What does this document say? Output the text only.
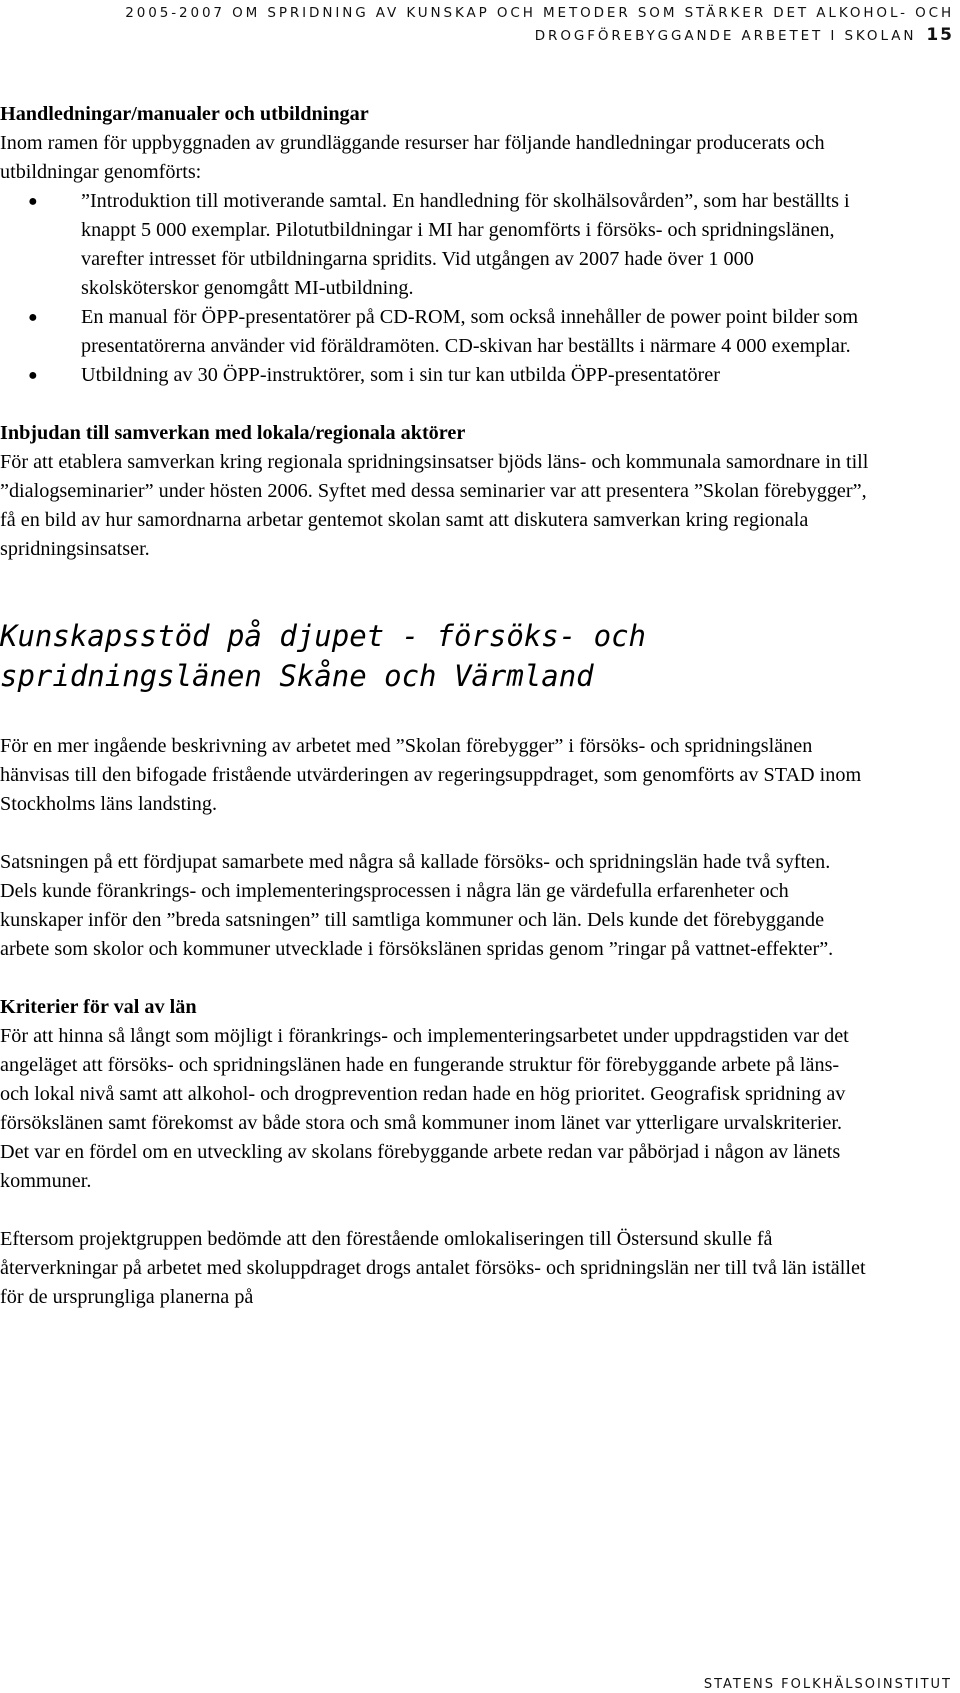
2005-2007 OM SPRIDNING AV KUNSKAP OCH METODER SOM STÄRKER DET ALKOHOL- OCH DROGFÖREBYGGANDE ARBETET I SKOLAN 15

Handledningar/manualer och utbildningar

Inom ramen för uppbyggnaden av grundläggande resurser har följande handledningar producerats och utbildningar genomförts:

● ”Introduktion till motiverande samtal. En handledning för skolhälsovården”, som har beställts i knappt 5 000 exemplar. Pilotutbildningar i MI har genomförts i försöks- och spridningslänen, varefter intresset för utbildningarna spridits. Vid utgången av 2007 hade över 1 000 skolsköterskor genomgått MI-utbildning.
● En manual för ÖPP-presentatörer på CD-ROM, som också innehåller de power point bilder som presentatörerna använder vid föräldramöten. CD-skivan har beställts i närmare 4 000 exemplar.
● Utbildning av 30 ÖPP-instruktörer, som i sin tur kan utbilda ÖPP-presentatörer

Inbjudan till samverkan med lokala/regionala aktörer

För att etablera samverkan kring regionala spridningsinsatser bjöds läns- och kommunala samordnare in till ”dialogseminarier” under hösten 2006. Syftet med dessa seminarier var att presentera ”Skolan förebygger”, få en bild av hur samordnarna arbetar gentemot skolan samt att diskutera samverkan kring regionala spridningsinsatser.

Kunskapsstöd på djupet - försöks- och spridningslänen Skåne och Värmland

För en mer ingående beskrivning av arbetet med ”Skolan förebygger” i försöks- och spridningslänen hänvisas till den bifogade fristående utvärderingen av regeringsuppdraget, som genomförts av STAD inom Stockholms läns landsting.

Satsningen på ett fördjupat samarbete med några så kallade försöks- och spridningslän hade två syften. Dels kunde förankrings- och implementeringsprocessen i några län ge värdefulla erfarenheter och kunskaper inför den ”breda satsningen” till samtliga kommuner och län. Dels kunde det förebyggande arbete som skolor och kommuner utvecklade i försökslänen spridas genom ”ringar på vattnet-effekter”.

Kriterier för val av län

För att hinna så långt som möjligt i förankrings- och implementeringsarbetet under uppdragstiden var det angeläget att försöks- och spridningslänen hade en fungerande struktur för förebyggande arbete på läns- och lokal nivå samt att alkohol- och drogprevention redan hade en hög prioritet. Geografisk spridning av försökslänen samt förekomst av både stora och små kommuner inom länet var ytterligare urvalskriterier. Det var en fördel om en utveckling av skolans förebyggande arbete redan var påbörjad i någon av länets kommuner.

Eftersom projektgruppen bedömde att den förestående omlokaliseringen till Östersund skulle få återverkningar på arbetet med skoluppdraget drogs antalet försöks- och spridningslän ner till två län istället för de ursprungliga planerna på

STATENS FOLKHÄLSOINSTITUT
